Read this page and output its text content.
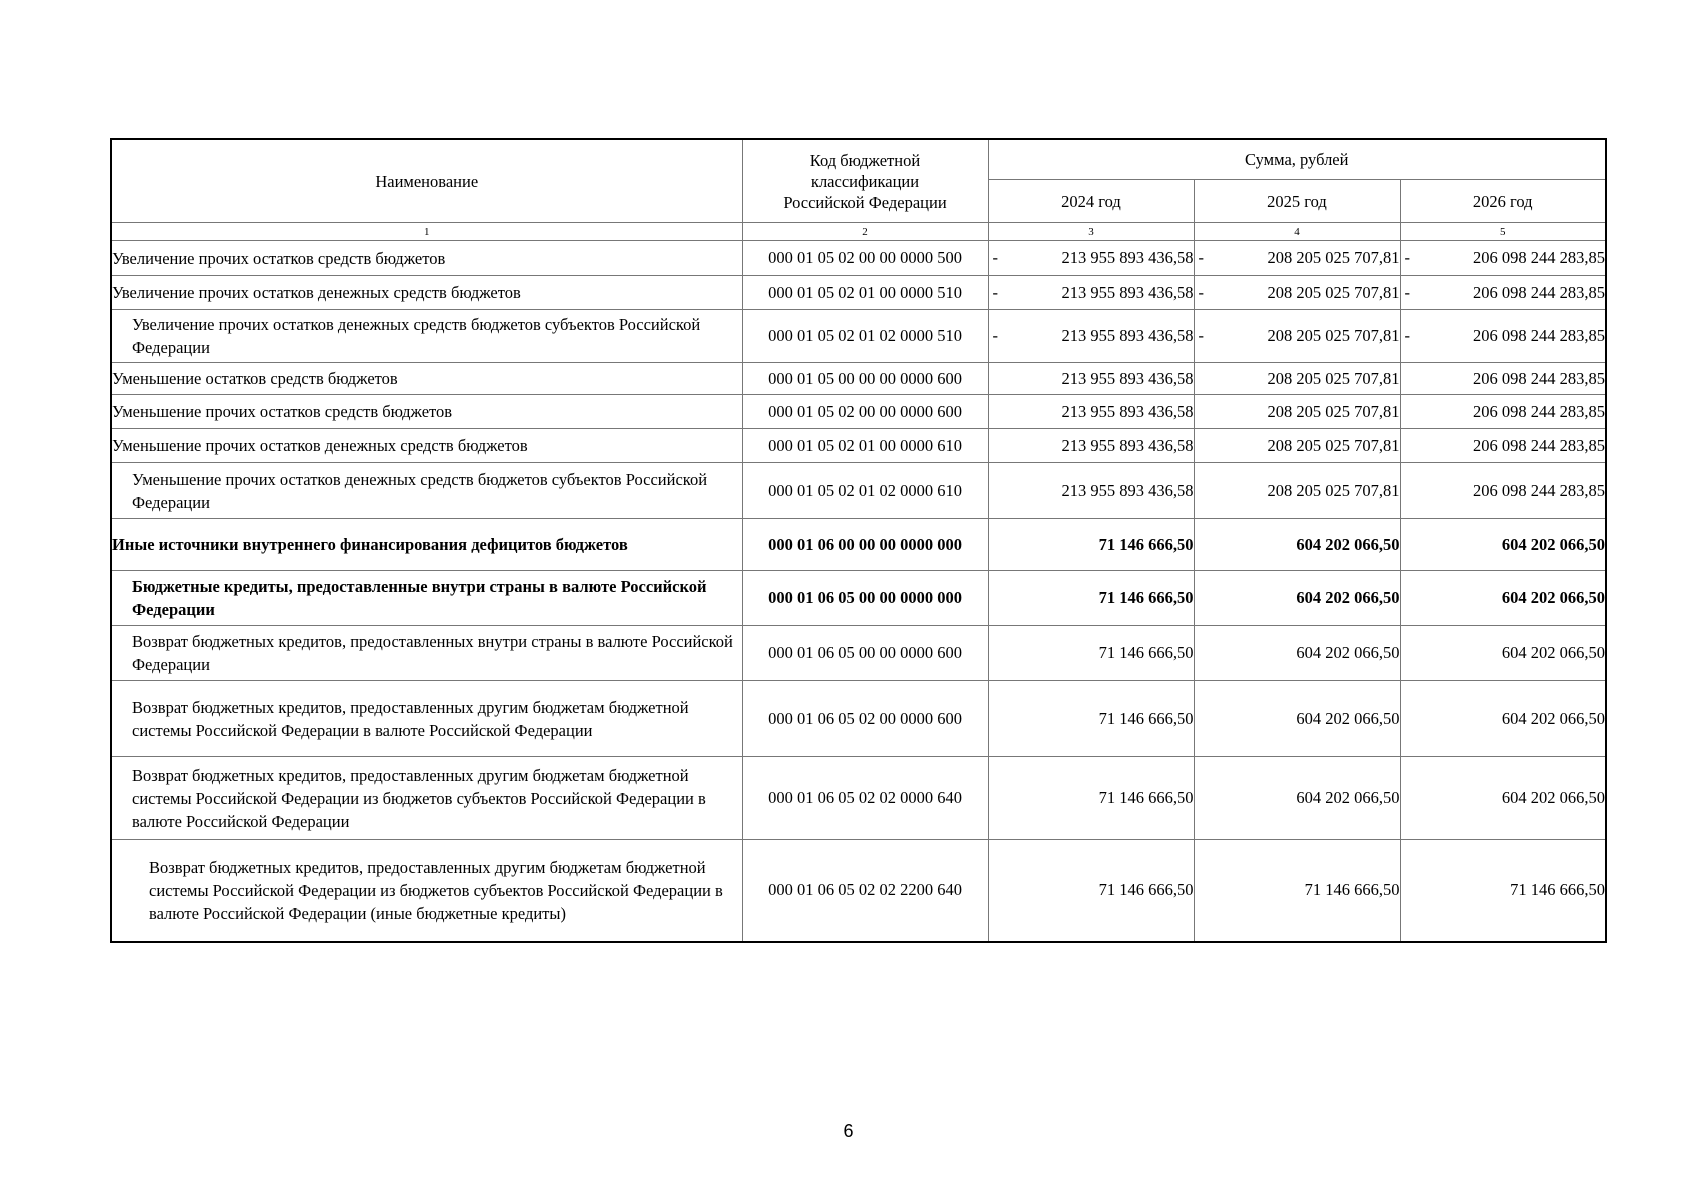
Наименование	Код бюджетной классификации Российской Федерации	Сумма, рублей		
		2024 год	2025 год	2026 год
1	2	3	4	5
Увеличение прочих остатков средств бюджетов	000 01 05 02 00 00 0000 500	- 213 955 893 436,58	- 208 205 025 707,81	- 206 098 244 283,85
Увеличение прочих остатков денежных средств бюджетов	000 01 05 02 01 00 0000 510	- 213 955 893 436,58	- 208 205 025 707,81	- 206 098 244 283,85
Увеличение прочих остатков денежных средств бюджетов субъектов Российской Федерации	000 01 05 02 01 02 0000 510	- 213 955 893 436,58	- 208 205 025 707,81	- 206 098 244 283,85
Уменьшение остатков средств бюджетов	000 01 05 00 00 00 0000 600	213 955 893 436,58	208 205 025 707,81	206 098 244 283,85
Уменьшение прочих остатков средств бюджетов	000 01 05 02 00 00 0000 600	213 955 893 436,58	208 205 025 707,81	206 098 244 283,85
Уменьшение прочих остатков денежных средств бюджетов	000 01 05 02 01 00 0000 610	213 955 893 436,58	208 205 025 707,81	206 098 244 283,85
Уменьшение прочих остатков денежных средств бюджетов субъектов Российской Федерации	000 01 05 02 01 02 0000 610	213 955 893 436,58	208 205 025 707,81	206 098 244 283,85
Иные источники внутреннего финансирования дефицитов бюджетов	000 01 06 00 00 00 0000 000	71 146 666,50	604 202 066,50	604 202 066,50
Бюджетные кредиты, предоставленные внутри страны в валюте Российской Федерации	000 01 06 05 00 00 0000 000	71 146 666,50	604 202 066,50	604 202 066,50
Возврат бюджетных кредитов, предоставленных внутри страны в валюте Российской Федерации	000 01 06 05 00 00 0000 600	71 146 666,50	604 202 066,50	604 202 066,50
Возврат бюджетных кредитов, предоставленных другим бюджетам бюджетной системы Российской Федерации в валюте Российской Федерации	000 01 06 05 02 00 0000 600	71 146 666,50	604 202 066,50	604 202 066,50
Возврат бюджетных кредитов, предоставленных другим бюджетам бюджетной системы Российской Федерации из бюджетов субъектов Российской Федерации в валюте Российской Федерации	000 01 06 05 02 02 0000 640	71 146 666,50	604 202 066,50	604 202 066,50
Возврат бюджетных кредитов, предоставленных другим бюджетам бюджетной системы Российской Федерации из бюджетов субъектов Российской Федерации в валюте Российской Федерации (иные бюджетные кредиты)	000 01 06 05 02 02 2200 640	71 146 666,50	71 146 666,50	71 146 666,50
6
